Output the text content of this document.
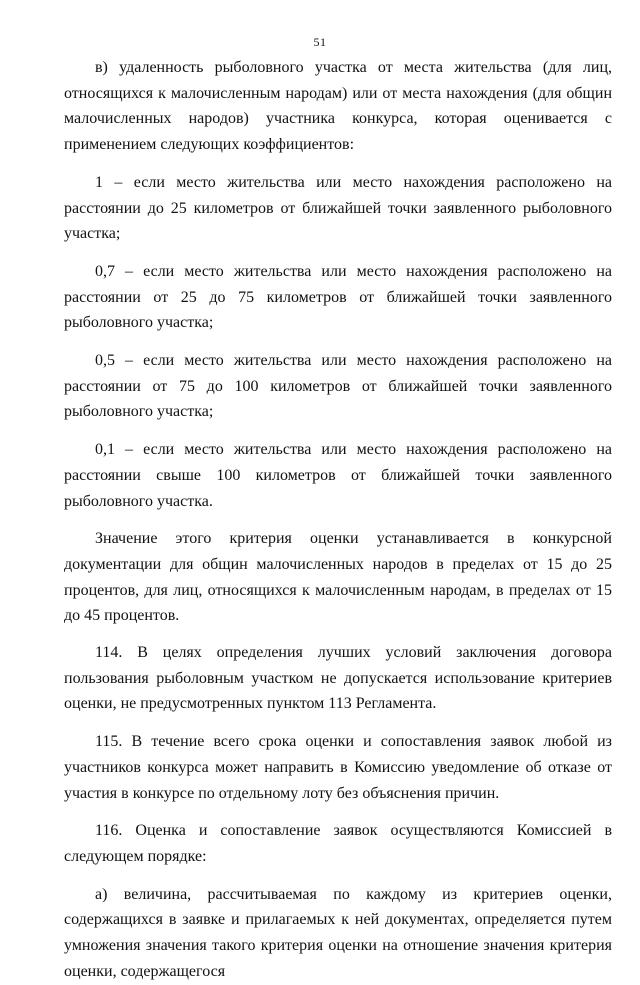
51

в) удаленность рыболовного участка от места жительства (для лиц, относящихся к малочисленным народам) или от места нахождения (для общин малочисленных народов) участника конкурса, которая оценивается с применением следующих коэффициентов:

1 – если место жительства или место нахождения расположено на расстоянии до 25 километров от ближайшей точки заявленного рыболовного участка;

0,7 – если место жительства или место нахождения расположено на расстоянии от 25 до 75 километров от ближайшей точки заявленного рыболовного участка;

0,5 – если место жительства или место нахождения расположено на расстоянии от 75 до 100 километров от ближайшей точки заявленного рыболовного участка;

0,1 – если место жительства или место нахождения расположено на расстоянии свыше 100 километров от ближайшей точки заявленного рыболовного участка.

Значение этого критерия оценки устанавливается в конкурсной документации для общин малочисленных народов в пределах от 15 до 25 процентов, для лиц, относящихся к малочисленным народам, в пределах от 15 до 45 процентов.

114. В целях определения лучших условий заключения договора пользования рыболовным участком не допускается использование критериев оценки, не предусмотренных пунктом 113 Регламента.

115. В течение всего срока оценки и сопоставления заявок любой из участников конкурса может направить в Комиссию уведомление об отказе от участия в конкурсе по отдельному лоту без объяснения причин.

116. Оценка и сопоставление заявок осуществляются Комиссией в следующем порядке:

а) величина, рассчитываемая по каждому из критериев оценки, содержащихся в заявке и прилагаемых к ней документах, определяется путем умножения значения такого критерия оценки на отношение значения критерия оценки, содержащегося
